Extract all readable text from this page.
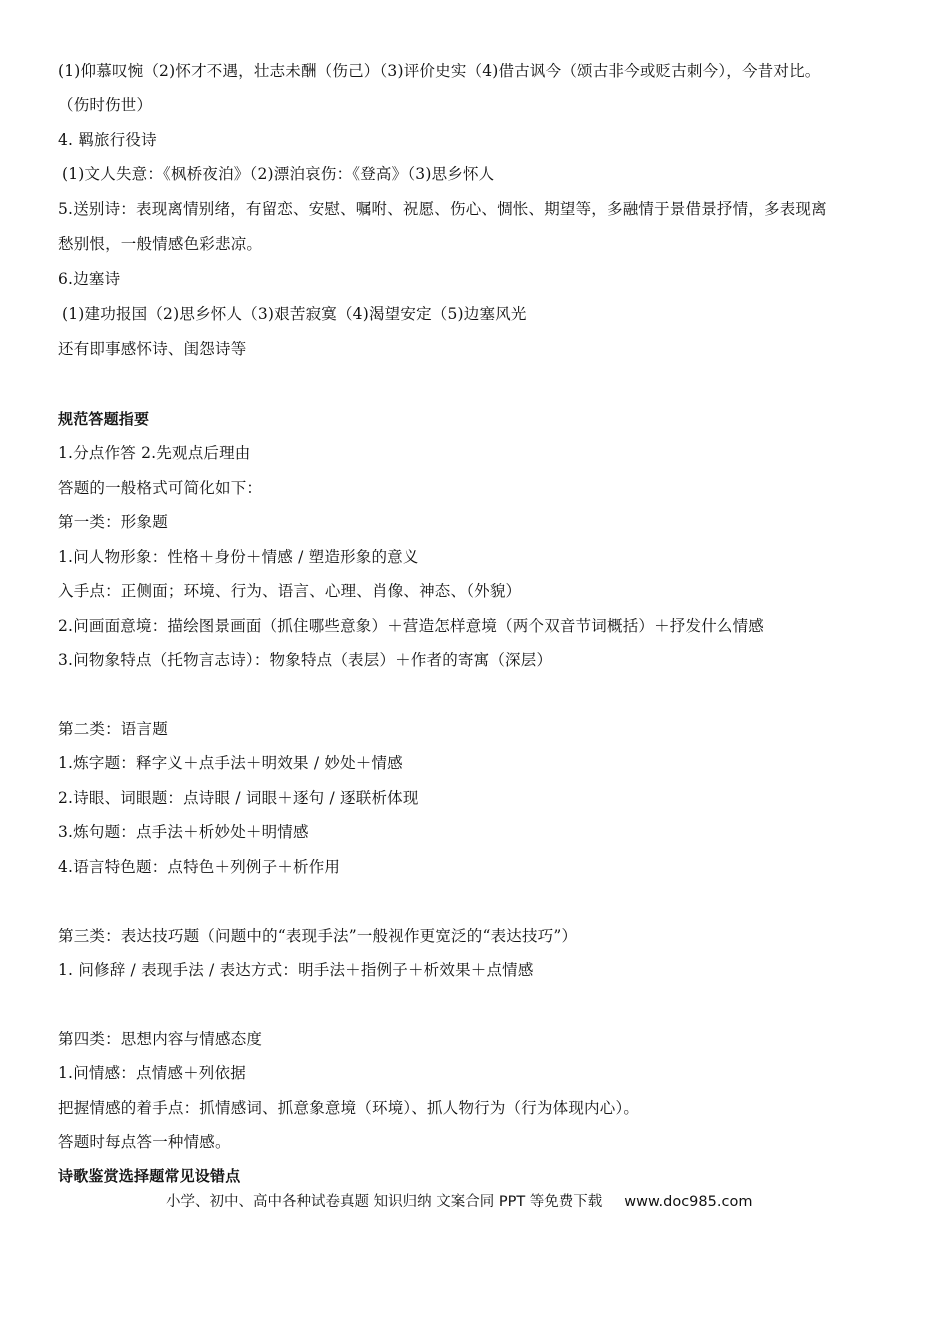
(1)仰慕叹惋（2)怀才不遇，壮志未酬（伤己）（3)评价史实（4)借古讽今（颂古非今或贬古刺今），今昔对比。
（伤时伤世）
4. 羁旅行役诗
(1)文人失意：《枫桥夜泊》（2)漂泊哀伤：《登高》（3)思乡怀人
5.送别诗：表现离情别绪，有留恋、安慰、嘱咐、祝愿、伤心、惆怅、期望等，多融情于景借景抒情，多表现离
愁别恨，一般情感色彩悲凉。
6.边塞诗
(1)建功报国（2)思乡怀人（3)艰苦寂寞（4)渴望安定（5)边塞风光
还有即事感怀诗、闺怨诗等
规范答题指要
1.分点作答 2.先观点后理由
答题的一般格式可简化如下：
第一类：形象题
1.问人物形象：性格＋身份＋情感 / 塑造形象的意义
入手点：正侧面；环境、行为、语言、心理、肖像、神态、（外貌）
2.问画面意境：描绘图景画面（抓住哪些意象）＋营造怎样意境（两个双音节词概括）＋抒发什么情感
3.问物象特点（托物言志诗）：物象特点（表层）＋作者的寄寓（深层）
第二类：语言题
1.炼字题：释字义＋点手法＋明效果 / 妙处＋情感
2.诗眼、词眼题：点诗眼 / 词眼＋逐句 / 逐联析体现
3.炼句题：点手法＋析妙处＋明情感
4.语言特色题：点特色＋列例子＋析作用
第三类：表达技巧题（问题中的“表现手法”一般视作更宽泛的“表达技巧”）
1. 问修辞 / 表现手法 / 表达方式：明手法＋指例子＋析效果＋点情感
第四类：思想内容与情感态度
1.问情感：点情感＋列依据
把握情感的着手点：抓情感词、抓意象意境（环境）、抓人物行为（行为体现内心）。
答题时每点答一种情感。
诗歌鉴赏选择题常见设错点
小学、初中、高中各种试卷真题 知识归纳 文案合同 PPT 等免费下载 www.doc985.com
